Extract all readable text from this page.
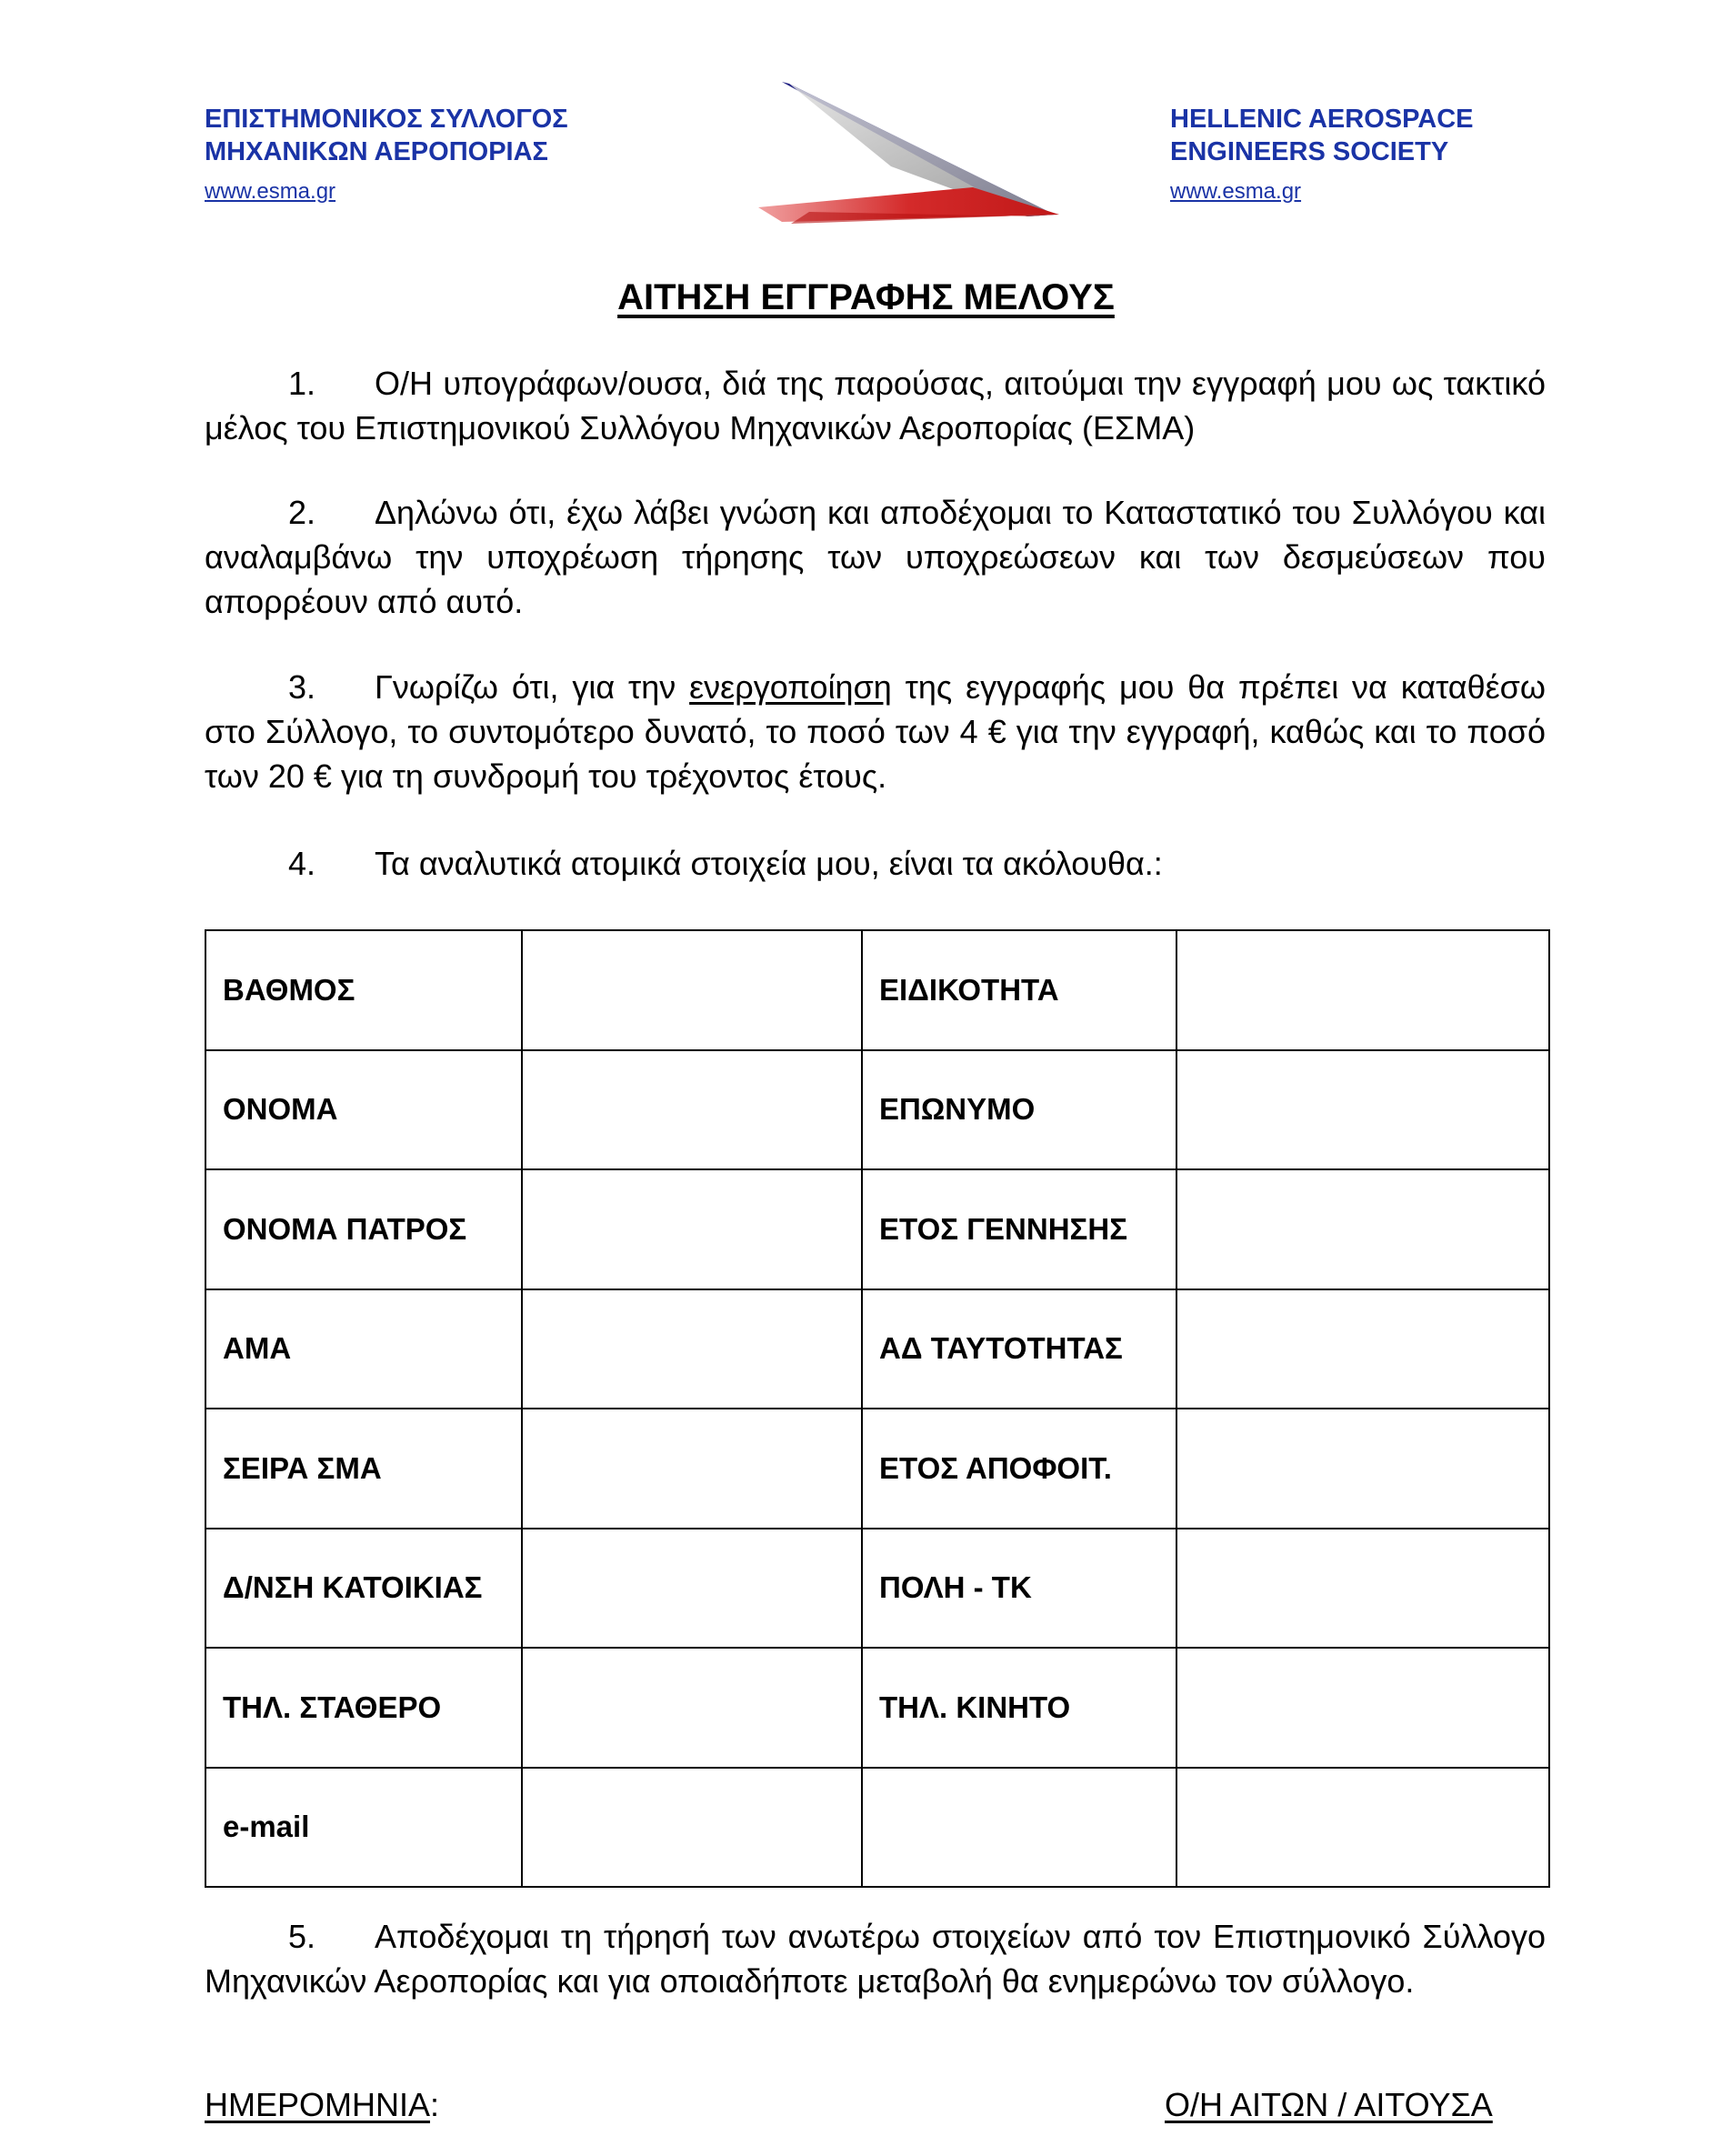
ΕΠΙΣΤΗΜΟΝΙΚΟΣ ΣΥΛΛΟΓΟΣ
ΜΗΧΑΝΙΚΩΝ ΑΕΡΟΠΟΡΙΑΣ
www.esma.gr
HELLENIC AEROSPACE
ENGINEERS SOCIETY
www.esma.gr
ΑΙΤΗΣΗ ΕΓΓΡΑΦΗΣ ΜΕΛΟΥΣ
1. Ο/Η υπογράφων/ουσα, διά της παρούσας, αιτούμαι την εγγραφή μου ως τακτικό μέλος του Επιστημονικού Συλλόγου Μηχανικών Αεροπορίας (ΕΣΜΑ)
2. Δηλώνω ότι, έχω λάβει γνώση και αποδέχομαι το Καταστατικό του Συλλόγου και αναλαμβάνω την υποχρέωση τήρησης των υποχρεώσεων και των δεσμεύσεων που απορρέουν από αυτό.
3. Γνωρίζω ότι, για την ενεργοποίηση της εγγραφής μου θα πρέπει να καταθέσω στο Σύλλογο, το συντομότερο δυνατό, το ποσό των 4 € για την εγγραφή, καθώς και το ποσό των 20 € για τη συνδρομή του τρέχοντος έτους.
4. Τα αναλυτικά ατομικά στοιχεία μου, είναι τα ακόλουθα.:
ΒΑΘΜΟΣ		ΕΙΔΙΚΟΤΗΤΑ	
ΟΝΟΜΑ		ΕΠΩΝΥΜΟ	
ΟΝΟΜΑ ΠΑΤΡΟΣ		ΕΤΟΣ ΓΕΝΝΗΣΗΣ	
ΑΜΑ		ΑΔ ΤΑΥΤΟΤΗΤΑΣ	
ΣΕΙΡΑ ΣΜΑ		ΕΤΟΣ ΑΠΟΦΟΙΤ.	
Δ/ΝΣΗ ΚΑΤΟΙΚΙΑΣ		ΠΟΛΗ - ΤΚ	
ΤΗΛ. ΣΤΑΘΕΡΟ		ΤΗΛ. ΚΙΝΗΤΟ	
e-mail			
5. Αποδέχομαι τη τήρησή των ανωτέρω στοιχείων από τον Επιστημονικό Σύλλογο Μηχανικών Αεροπορίας και για οποιαδήποτε μεταβολή θα ενημερώνω τον σύλλογο.
ΗΜΕΡΟΜΗΝΙΑ:	Ο/Η ΑΙΤΩΝ / ΑΙΤΟΥΣΑ
